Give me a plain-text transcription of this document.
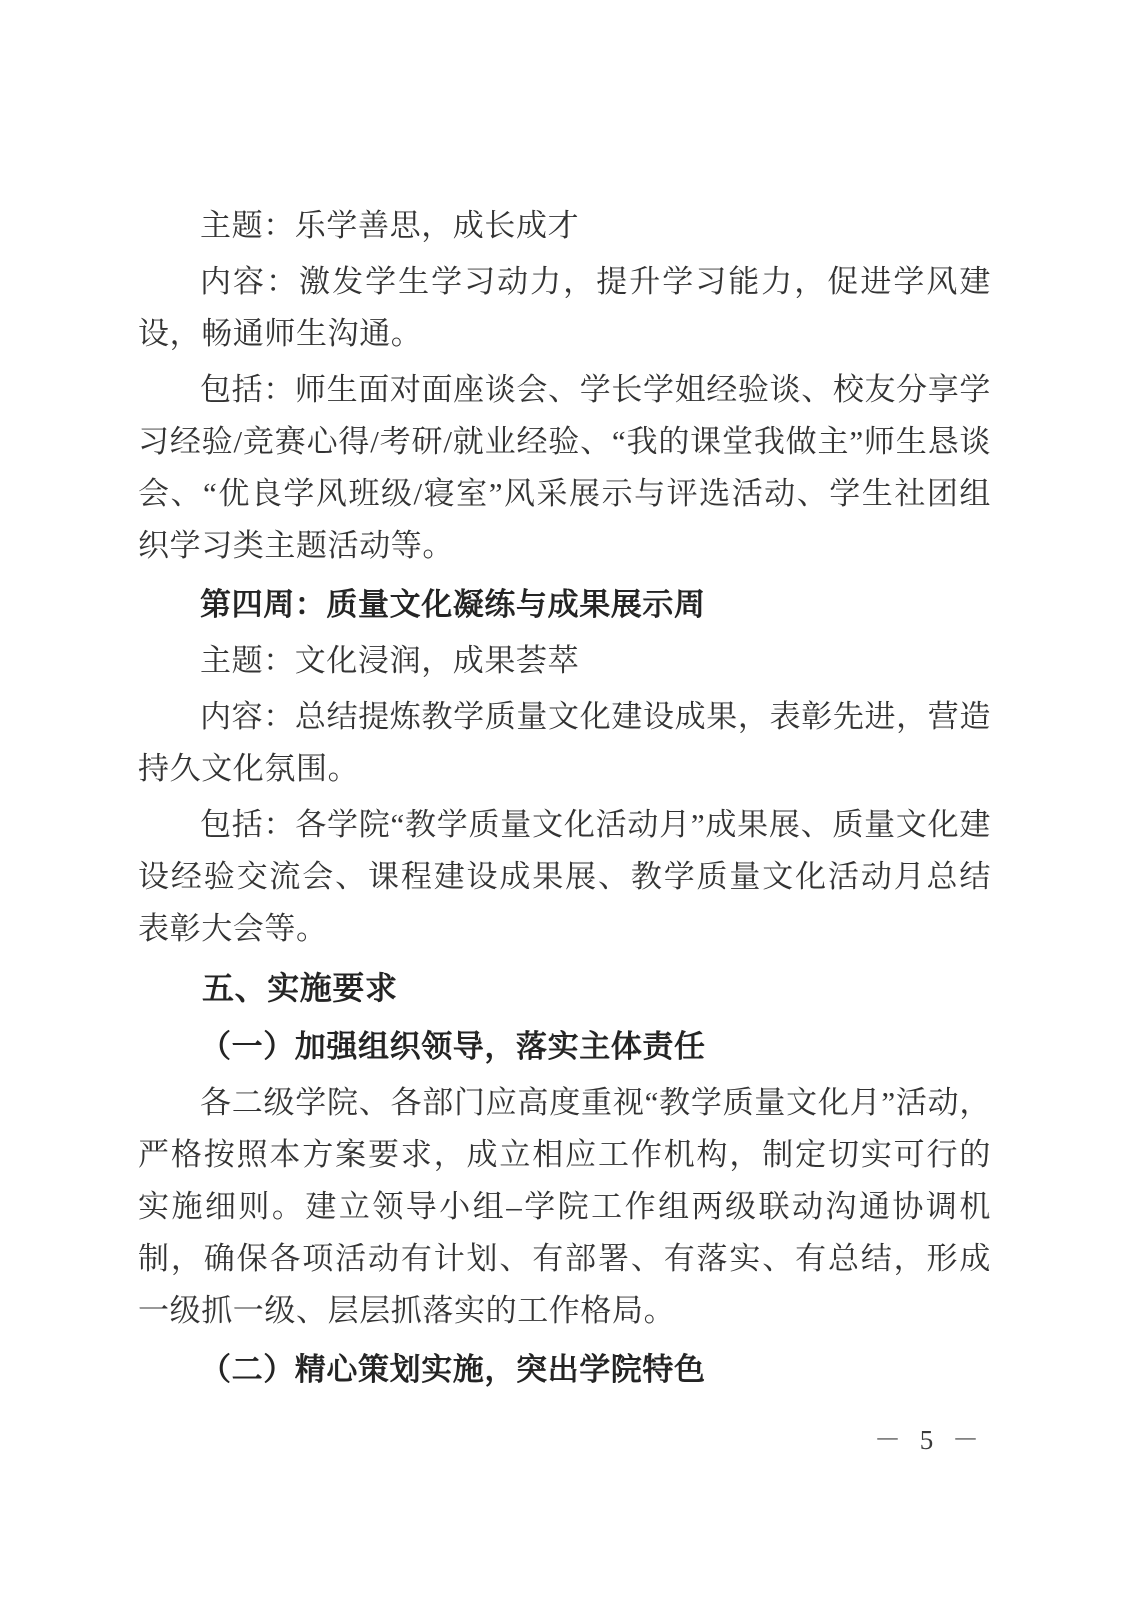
主题：乐学善思，成长成才

内容：激发学生学习动力，提升学习能力，促进学风建设，畅通师生沟通。

包括：师生面对面座谈会、学长学姐经验谈、校友分享学习经验/竞赛心得/考研/就业经验、“我的课堂我做主”师生恳谈会、“优良学风班级/寝室”风采展示与评选活动、学生社团组织学习类主题活动等。

第四周：质量文化凝练与成果展示周

主题：文化浸润，成果荟萃

内容：总结提炼教学质量文化建设成果，表彰先进，营造持久文化氛围。

包括：各学院“教学质量文化活动月”成果展、质量文化建设经验交流会、课程建设成果展、教学质量文化活动月总结表彰大会等。

五、实施要求

（一）加强组织领导，落实主体责任

各二级学院、各部门应高度重视“教学质量文化月”活动，严格按照本方案要求，成立相应工作机构，制定切实可行的实施细则。建立领导小组–学院工作组两级联动沟通协调机制，确保各项活动有计划、有部署、有落实、有总结，形成一级抓一级、层层抓落实的工作格局。

（二）精心策划实施，突出学院特色

－ 5 －
